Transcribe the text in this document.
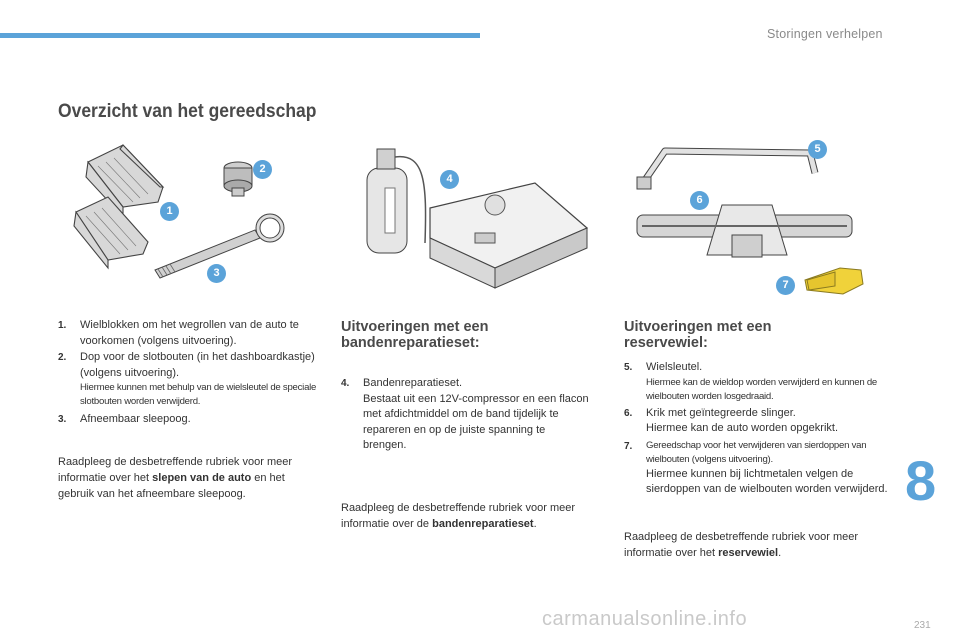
Storingen verhelpen
Overzicht van het gereedschap
1
2
3
4
5
6
7
1. Wielblokken om het wegrollen van de auto te voorkomen (volgens uitvoering).
2. Dop voor de slotbouten (in het dashboardkastje) (volgens uitvoering).
Hiermee kunnen met behulp van de wielsleutel de speciale slotbouten worden verwijderd.
3. Afneembaar sleepoog.
Raadpleeg de desbetreffende rubriek voor meer informatie over het slepen van de auto en het gebruik van het afneembare sleepoog.
Uitvoeringen met een bandenreparatieset:
4. Bandenreparatieset.
Bestaat uit een 12V-compressor en een flacon met afdichtmiddel om de band tijdelijk te repareren en op de juiste spanning te brengen.
Raadpleeg de desbetreffende rubriek voor meer informatie over de bandenreparatieset.
Uitvoeringen met een reservewiel:
5. Wielsleutel.
Hiermee kan de wieldop worden verwijderd en kunnen de wielbouten worden losgedraaid.
6. Krik met geïntegreerde slinger.
Hiermee kan de auto worden opgekrikt.
7. Gereedschap voor het verwijderen van sierdoppen van wielbouten (volgens uitvoering).
Hiermee kunnen bij lichtmetalen velgen de sierdoppen van de wielbouten worden verwijderd.
Raadpleeg de desbetreffende rubriek voor meer informatie over het reservewiel.
8
carmanualsonline.info	231
